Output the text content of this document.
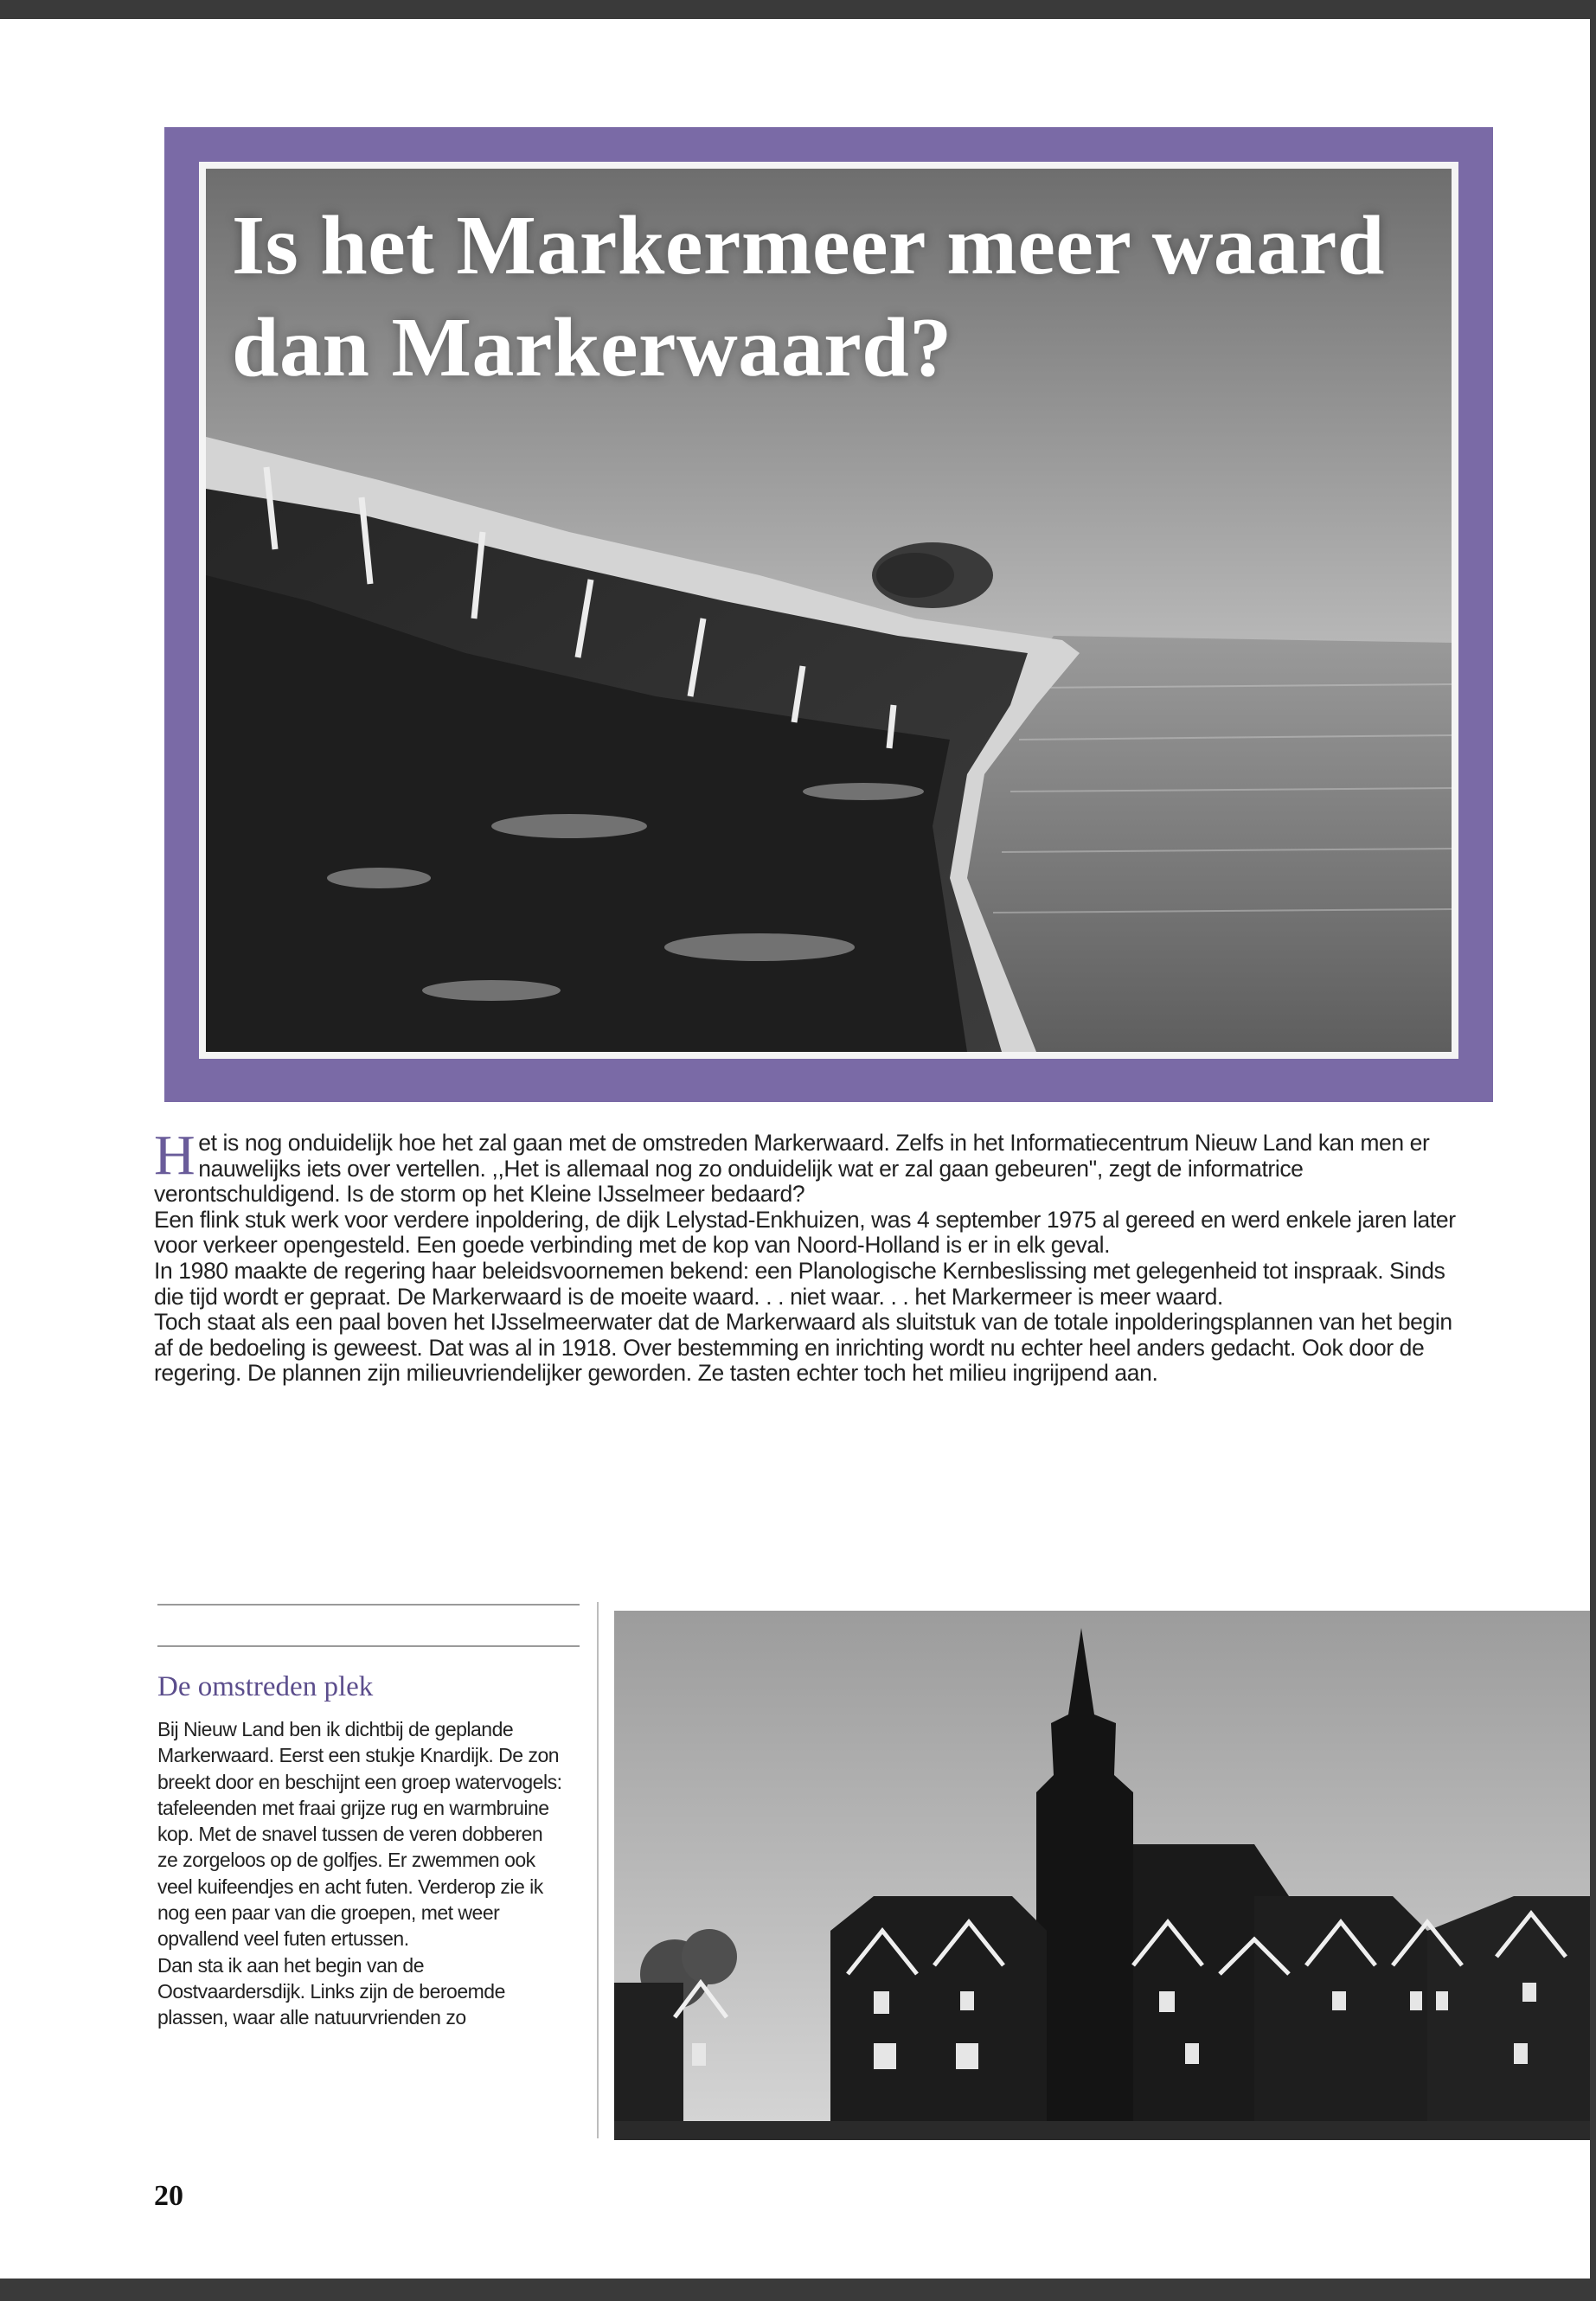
Is het Markermeer meer waard dan Markerwaard?

Het is nog onduidelijk hoe het zal gaan met de omstreden Markerwaard. Zelfs in het Informatiecentrum Nieuw Land kan men er nauwelijks iets over vertellen. ,,Het is allemaal nog zo onduidelijk wat er zal gaan gebeuren'', zegt de informatrice verontschuldigend. Is de storm op het Kleine IJsselmeer bedaard?

Een flink stuk werk voor verdere inpoldering, de dijk Lelystad-Enkhuizen, was 4 september 1975 al gereed en werd enkele jaren later voor verkeer opengesteld. Een goede verbinding met de kop van Noord-Holland is er in elk geval.

In 1980 maakte de regering haar beleidsvoornemen bekend: een Planologische Kernbeslissing met gelegenheid tot inspraak. Sinds die tijd wordt er gepraat. De Markerwaard is de moeite waard. . . niet waar. . . het Markermeer is meer waard.

Toch staat als een paal boven het IJsselmeerwater dat de Markerwaard als sluitstuk van de totale inpolderingsplannen van het begin af de bedoeling is geweest. Dat was al in 1918. Over bestemming en inrichting wordt nu echter heel anders gedacht. Ook door de regering. De plannen zijn milieuvriendelijker geworden. Ze tasten echter toch het milieu ingrijpend aan.

De omstreden plek

Bij Nieuw Land ben ik dichtbij de geplande Markerwaard. Eerst een stukje Knardijk. De zon breekt door en beschijnt een groep watervogels: tafeleenden met fraai grijze rug en warmbruine kop. Met de snavel tussen de veren dobberen ze zorgeloos op de golfjes. Er zwemmen ook veel kuifeendjes en acht futen. Verderop zie ik nog een paar van die groepen, met weer opvallend veel futen ertussen.

Dan sta ik aan het begin van de Oostvaardersdijk. Links zijn de beroemde plassen, waar alle natuurvrienden zo

20
